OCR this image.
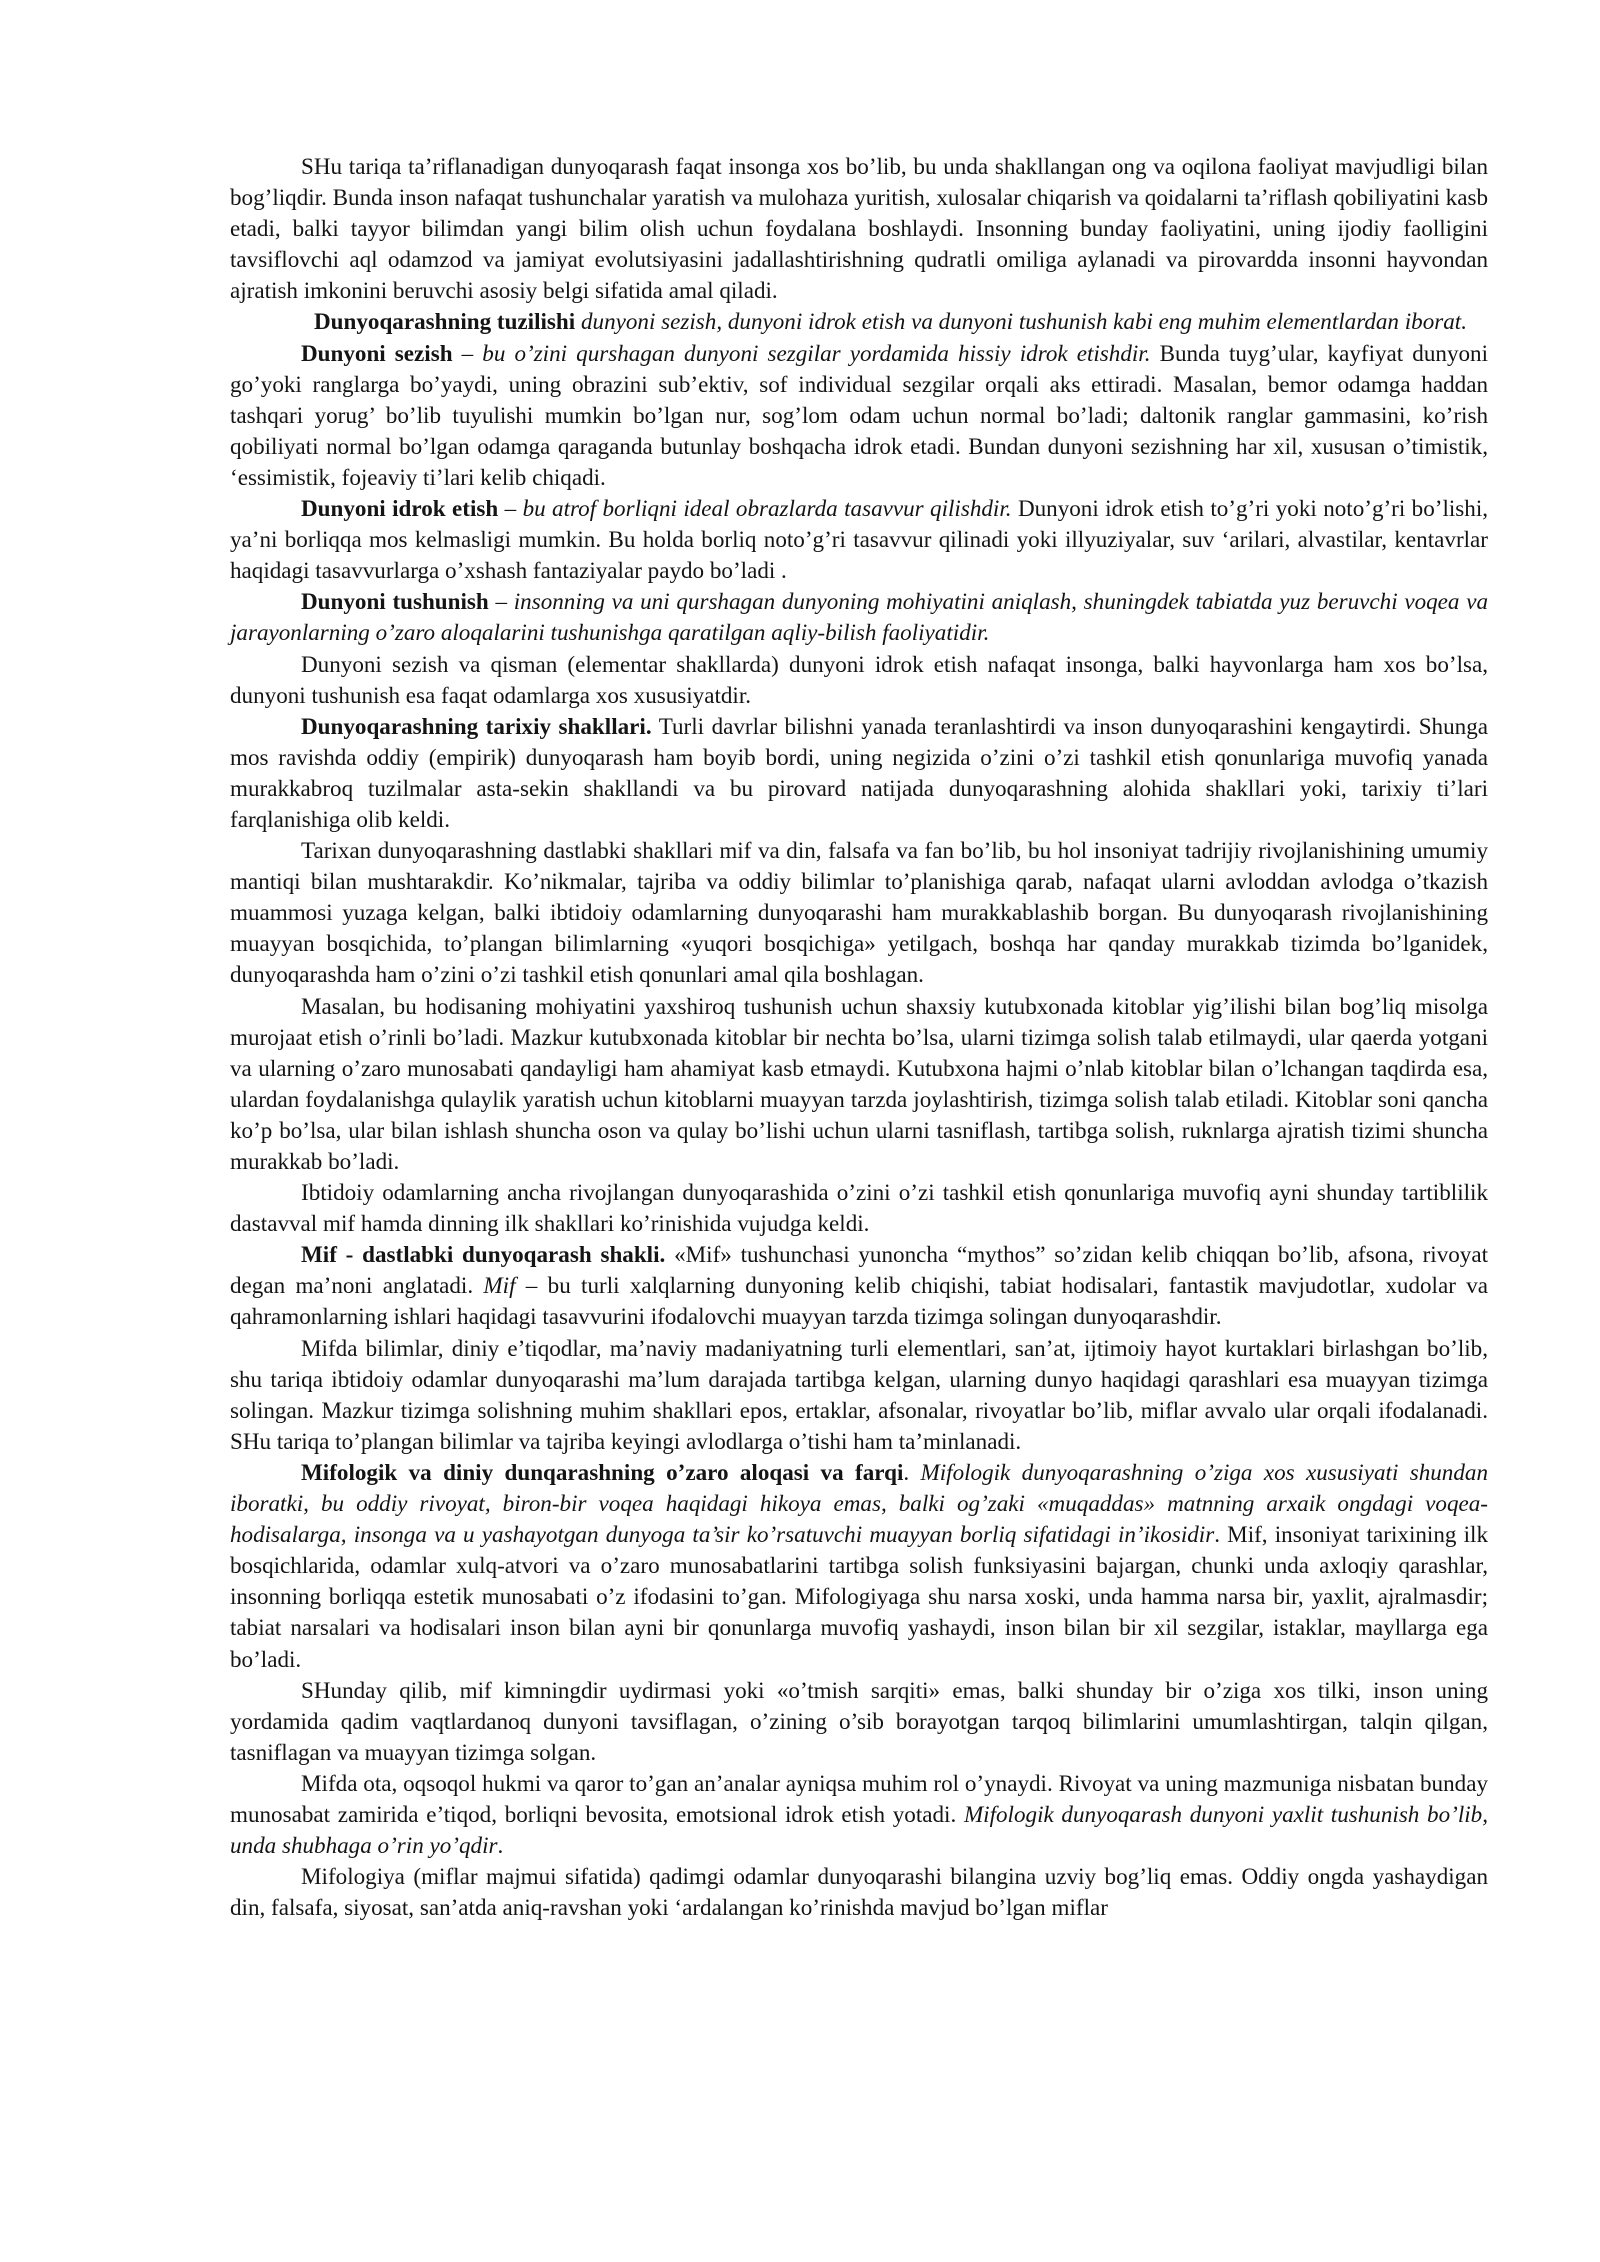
SHu tariqa ta’riflanadigan dunyoqarash faqat insonga xos bo’lib, bu unda shakllangan ong va oqilona faoliyat mavjudligi bilan bog’liqdir. Bunda inson nafaqat tushunchalar yaratish va mulohaza yuritish, xulosalar chiqarish va qoidalarni ta’riflash qobiliyatini kasb etadi, balki tayyor bilimdan yangi bilim olish uchun foydalana boshlaydi. Insonning bunday faoliyatini, uning ijodiy faolligini tavsiflovchi aql odamzod va jamiyat evolutsiyasini jadallashtirishning qudratli omiliga aylanadi va pirovardda insonni hayvondan ajratish imkonini beruvchi asosiy belgi sifatida amal qiladi.

Dunyoqarashning tuzilishi dunyoni sezish, dunyoni idrok etish va dunyoni tushunish kabi eng muhim elementlardan iborat.

Dunyoni sezish – bu o’zini qurshagan dunyoni sezgilar yordamida hissiy idrok etishdir. Bunda tuyg’ular, kayfiyat dunyoni go’yoki ranglarga bo’yaydi, uning obrazini sub’ektiv, sof individual sezgilar orqali aks ettiradi. Masalan, bemor odamga haddan tashqari yorug’ bo’lib tuyulishi mumkin bo’lgan nur, sog’lom odam uchun normal bo’ladi; daltonik ranglar gammasini, ko’rish qobiliyati normal bo’lgan odamga qaraganda butunlay boshqacha idrok etadi. Bundan dunyoni sezishning har xil, xususan o’timistik, ‘essimistik, fojeaviy ti’lari kelib chiqadi.

Dunyoni idrok etish – bu atrof borliqni ideal obrazlarda tasavvur qilishdir. Dunyoni idrok etish to’g’ri yoki noto’g’ri bo’lishi, ya’ni borliqqa mos kelmasligi mumkin. Bu holda borliq noto’g’ri tasavvur qilinadi yoki illyuziyalar, suv ‘arilari, alvastilar, kentavrlar haqidagi tasavvurlarga o’xshash fantaziyalar paydo bo’ladi .

Dunyoni tushunish – insonning va uni qurshagan dunyoning mohiyatini aniqlash, shuningdek tabiatda yuz beruvchi voqea va jarayonlarning o’zaro aloqalarini tushunishga qaratilgan aqliy-bilish faoliyatidir.

Dunyoni sezish va qisman (elementar shakllarda) dunyoni idrok etish nafaqat insonga, balki hayvonlarga ham xos bo’lsa, dunyoni tushunish esa faqat odamlarga xos xususiyatdir.

Dunyoqarashning tarixiy shakllari. Turli davrlar bilishni yanada teranlashtirdi va inson dunyoqarashini kengaytirdi. Shunga mos ravishda oddiy (empirik) dunyoqarash ham boyib bordi, uning negizida o’zini o’zi tashkil etish qonunlariga muvofiq yanada murakkabroq tuzilmalar asta-sekin shakllandi va bu pirovard natijada dunyoqarashning alohida shakllari yoki, tarixiy ti’lari farqlanishiga olib keldi.

Tarixan dunyoqarashning dastlabki shakllari mif va din, falsafa va fan bo’lib, bu hol insoniyat tadrijiy rivojlanishining umumiy mantiqi bilan mushtarakdir. Ko’nikmalar, tajriba va oddiy bilimlar to’planishiga qarab, nafaqat ularni avloddan avlodga o’tkazish muammosi yuzaga kelgan, balki ibtidoiy odamlarning dunyoqarashi ham murakkablashib borgan. Bu dunyoqarash rivojlanishining muayyan bosqichida, to’plangan bilimlarning «yuqori bosqichiga» yetilgach, boshqa har qanday murakkab tizimda bo’lganidek, dunyoqarashda ham o’zini o’zi tashkil etish qonunlari amal qila boshlagan.

Masalan, bu hodisaning mohiyatini yaxshiroq tushunish uchun shaxsiy kutubxonada kitoblar yig’ilishi bilan bog’liq misolga murojaat etish o’rinli bo’ladi. Mazkur kutubxonada kitoblar bir nechta bo’lsa, ularni tizimga solish talab etilmaydi, ular qaerda yotgani va ularning o’zaro munosabati qandayligi ham ahamiyat kasb etmaydi. Kutubxona hajmi o’nlab kitoblar bilan o’lchangan taqdirda esa, ulardan foydalanishga qulaylik yaratish uchun kitoblarni muayyan tarzda joylashtirish, tizimga solish talab etiladi. Kitoblar soni qancha ko’p bo’lsa, ular bilan ishlash shuncha oson va qulay bo’lishi uchun ularni tasniflash, tartibga solish, ruknlarga ajratish tizimi shuncha murakkab bo’ladi.

Ibtidoiy odamlarning ancha rivojlangan dunyoqarashida o’zini o’zi tashkil etish qonunlariga muvofiq ayni shunday tartiblilik dastavval mif hamda dinning ilk shakllari ko’rinishida vujudga keldi.

Mif - dastlabki dunyoqarash shakli. «Mif» tushunchasi yunoncha “mythos” so’zidan kelib chiqqan bo’lib, afsona, rivoyat degan ma’noni anglatadi. Mif – bu turli xalqlarning dunyoning kelib chiqishi, tabiat hodisalari, fantastik mavjudotlar, xudolar va qahramonlarning ishlari haqidagi tasavvurini ifodalovchi muayyan tarzda tizimga solingan dunyoqarashdir.

Mifda bilimlar, diniy e’tiqodlar, ma’naviy madaniyatning turli elementlari, san’at, ijtimoiy hayot kurtaklari birlashgan bo’lib, shu tariqa ibtidoiy odamlar dunyoqarashi ma’lum darajada tartibga kelgan, ularning dunyo haqidagi qarashlari esa muayyan tizimga solingan. Mazkur tizimga solishning muhim shakllari epos, ertaklar, afsonalar, rivoyatlar bo’lib, miflar avvalo ular orqali ifodalanadi. SHu tariqa to’plangan bilimlar va tajriba keyingi avlodlarga o’tishi ham ta’minlanadi.

Mifologik va diniy dunqarashning o’zaro aloqasi va farqi. Mifologik dunyoqarashning o’ziga xos xususiyati shundan iboratki, bu oddiy rivoyat, biron-bir voqea haqidagi hikoya emas, balki og’zaki «muqaddas» matnning arxaik ongdagi voqea-hodisalarga, insonga va u yashayotgan dunyoga ta’sir ko’rsatuvchi muayyan borliq sifatidagi in’ikosidir. Mif, insoniyat tarixining ilk bosqichlarida, odamlar xulq-atvori va o’zaro munosabatlarini tartibga solish funksiyasini bajargan, chunki unda axloqiy qarashlar, insonning borliqqa estetik munosabati o’z ifodasini to’gan. Mifologiyaga shu narsa xoski, unda hamma narsa bir, yaxlit, ajralmasdir; tabiat narsalari va hodisalari inson bilan ayni bir qonunlarga muvofiq yashaydi, inson bilan bir xil sezgilar, istaklar, mayllarga ega bo’ladi.

SHunday qilib, mif kimningdir uydirmasi yoki «o’tmish sarqiti» emas, balki shunday bir o’ziga xos tilki, inson uning yordamida qadim vaqtlardanoq dunyoni tavsiflagan, o’zining o’sib borayotgan tarqoq bilimlarini umumlashtirgan, talqin qilgan, tasniflagan va muayyan tizimga solgan.

Mifda ota, oqsoqol hukmi va qaror to’gan an’analar ayniqsa muhim rol o’ynaydi. Rivoyat va uning mazmuniga nisbatan bunday munosabat zamirida e’tiqod, borliqni bevosita, emotsional idrok etish yotadi. Mifologik dunyoqarash dunyoni yaxlit tushunish bo’lib, unda shubhaga o’rin yo’qdir.

Mifologiya (miflar majmui sifatida) qadimgi odamlar dunyoqarashi bilangina uzviy bog’liq emas. Oddiy ongda yashaydigan din, falsafa, siyosat, san’atda aniq-ravshan yoki ‘ardalangan ko’rinishda mavjud bo’lgan miflar
